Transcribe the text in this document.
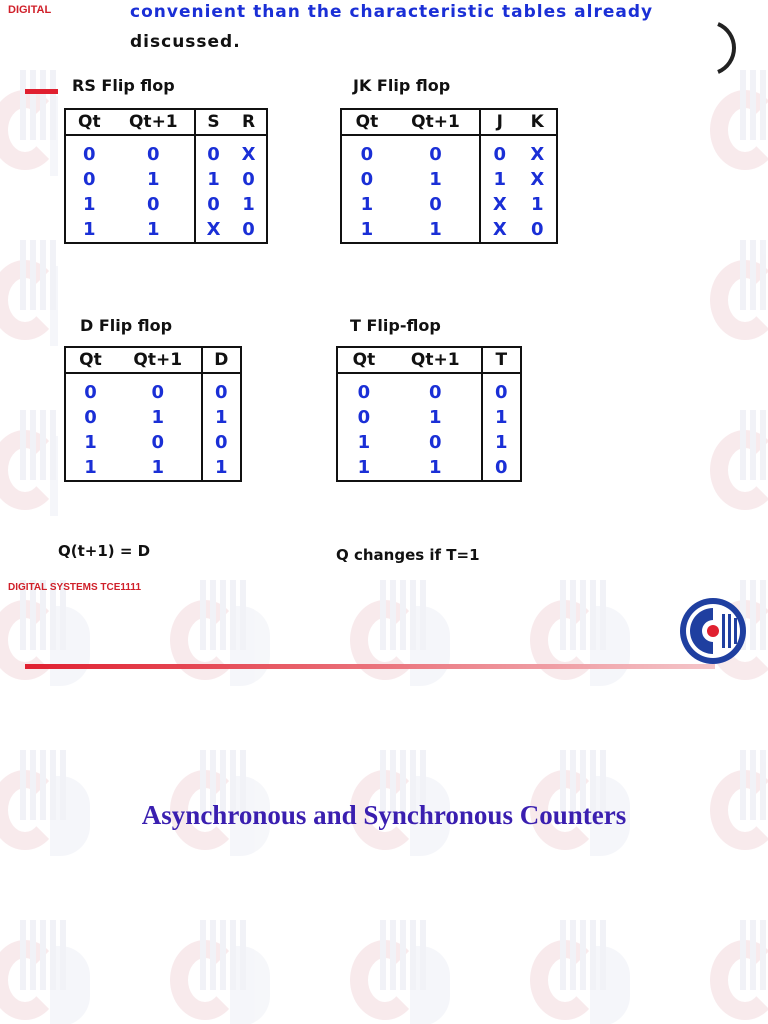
DIGITAL	convenient than the characteristic tables already
discussed.
RS Flip flop
Qt	Qt+1	S	R
0	0	0	X
0	1	1	0
1	0	0	1
1	1	X	0
JK Flip flop
Qt	Qt+1	J	K
0	0	0	X
0	1	1	X
1	0	X	1
1	1	X	0
D Flip flop
Qt	Qt+1	D
0	0	0
0	1	1
1	0	0
1	1	1
Q(t+1) = D
T Flip-flop
Qt	Qt+1	T
0	0	0
0	1	1
1	0	1
1	1	0
Q changes if T=1
DIGITAL SYSTEMS TCE1111
Asynchronous and Synchronous Counters
